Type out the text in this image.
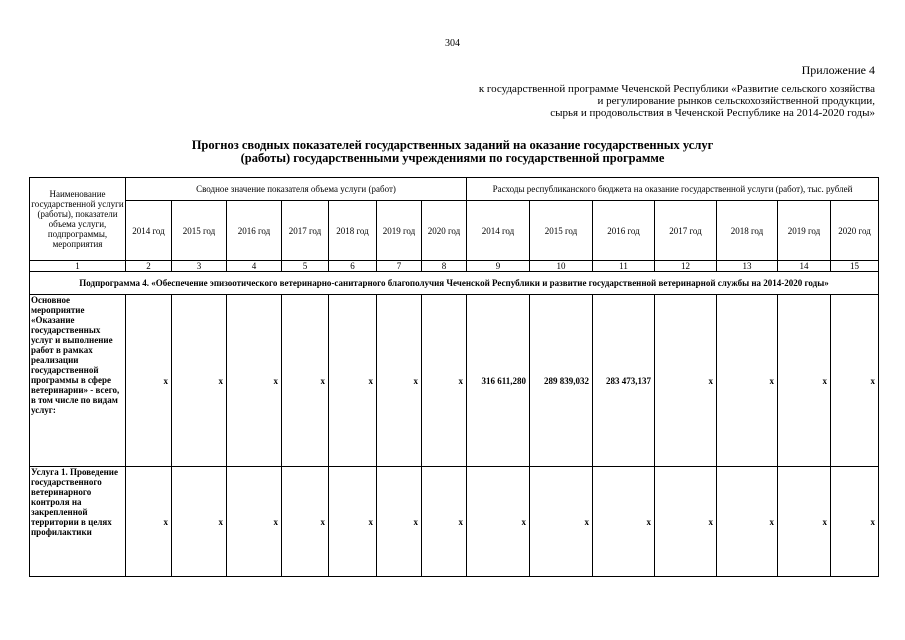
304
Приложение 4
к государственной программе Чеченской Республики «Развитие сельского хозяйства
и регулирование рынков сельскохозяйственной продукции,
сырья и продовольствия в Чеченской Республике на 2014-2020 годы»
Прогноз сводных показателей государственных заданий на оказание государственных услуг
(работы) государственными учреждениями по государственной программе
Наименование государственной услуги (работы), показатели объема услуги, подпрограммы, мероприятия	Сводное значение показателя объема услуги (работ)							Расходы республиканского бюджета на оказание государственной услуги (работ), тыс. рублей						
	2014 год	2015 год	2016 год	2017 год	2018 год	2019 год	2020 год	2014 год	2015 год	2016 год	2017 год	2018 год	2019 год	2020 год
1	2	3	4	5	6	7	8	9	10	11	12	13	14	15
Подпрограмма 4. «Обеспечение эпизоотического ветеринарно-санитарного благополучия Чеченской Республики и развитие государственной ветеринарной службы на 2014-2020 годы»														
Основное мероприятие «Оказание государственных услуг и выполнение работ в рамках реализации государственной программы в сфере ветеринарии» - всего, в том числе по видам услуг:	x	x	x	x	x	x	x	316 611,280	289 839,032	283 473,137	x	x	x	x
Услуга 1. Проведение государственного ветеринарного контроля на закрепленной территории в целях профилактики	x	x	x	x	x	x	x	x	x	x	x	x	x	x
